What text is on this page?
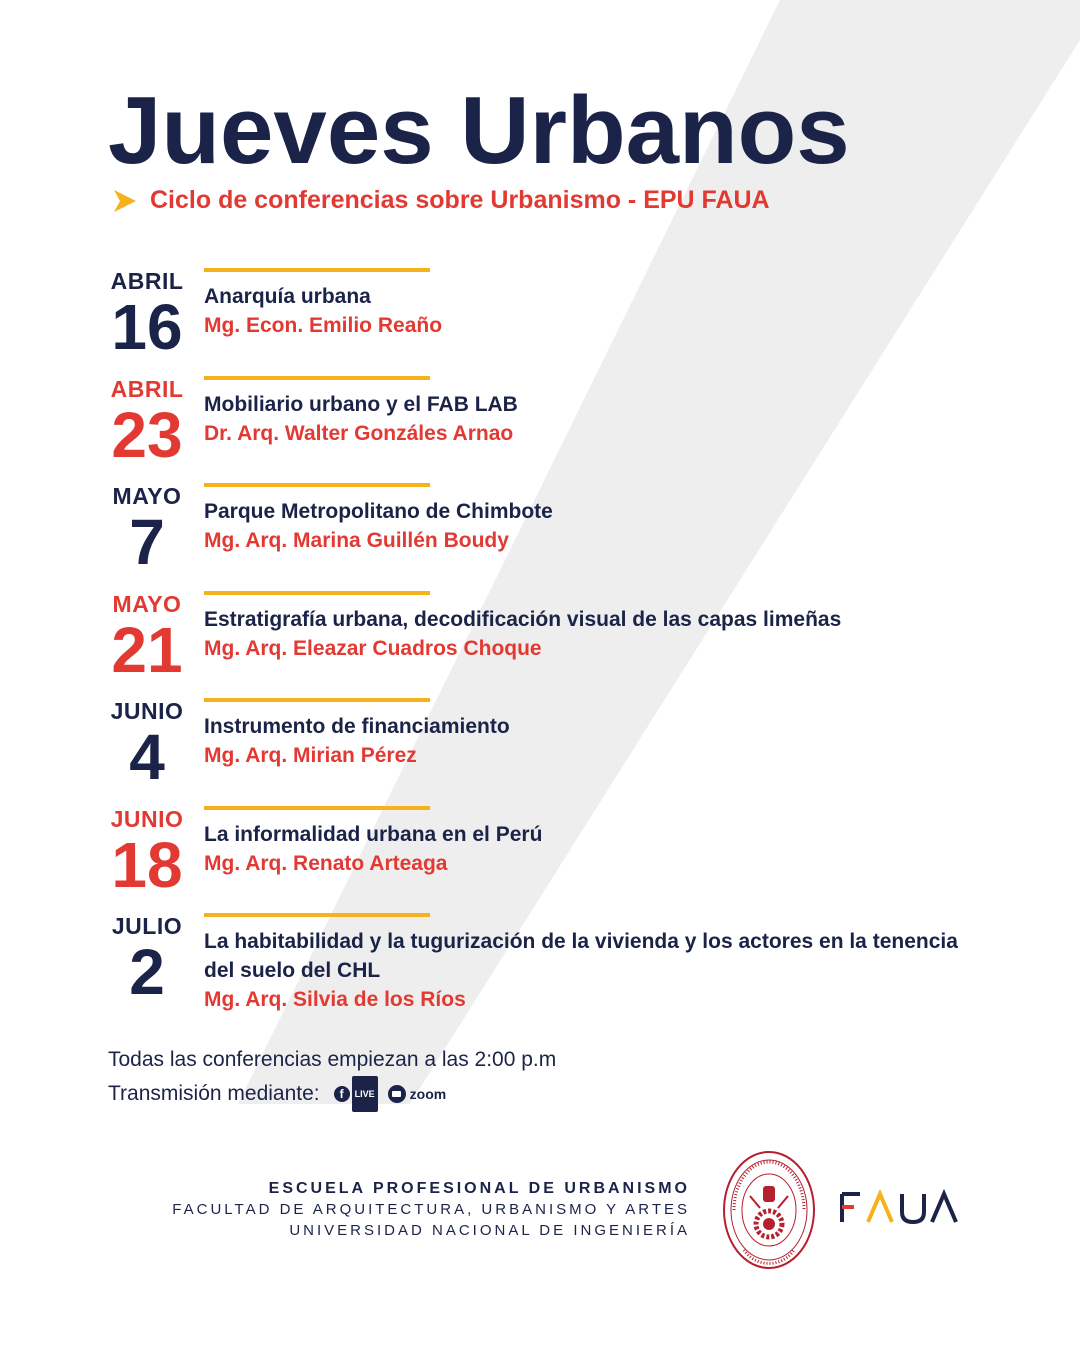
Jueves Urbanos
Ciclo de conferencias sobre Urbanismo - EPU FAUA
ABRIL
16	Anarquía urbana
Mg. Econ. Emilio Reaño
ABRIL
23	Mobiliario urbano y el FAB LAB
Dr. Arq. Walter Gonzáles Arnao
MAYO
7	Parque Metropolitano de Chimbote
Mg. Arq. Marina Guillén Boudy
MAYO
21	Estratigrafía urbana, decodificación visual de las capas limeñas
Mg. Arq. Eleazar Cuadros Choque
JUNIO
4	Instrumento de financiamiento
Mg. Arq. Mirian Pérez
JUNIO
18	La informalidad urbana en el Perú
Mg. Arq. Renato Arteaga
JULIO
2	La habitabilidad y la tugurización de la vivienda y los actores en la tenencia del suelo del CHL
Mg. Arq. Silvia de los Ríos
Todas las conferencias empiezan a las 2:00 p.m
Transmisión mediante:	f	LIVE	zoom
ESCUELA PROFESIONAL DE URBANISMO
FACULTAD DE ARQUITECTURA, URBANISMO Y ARTES
UNIVERSIDAD NACIONAL DE INGENIERÍA
